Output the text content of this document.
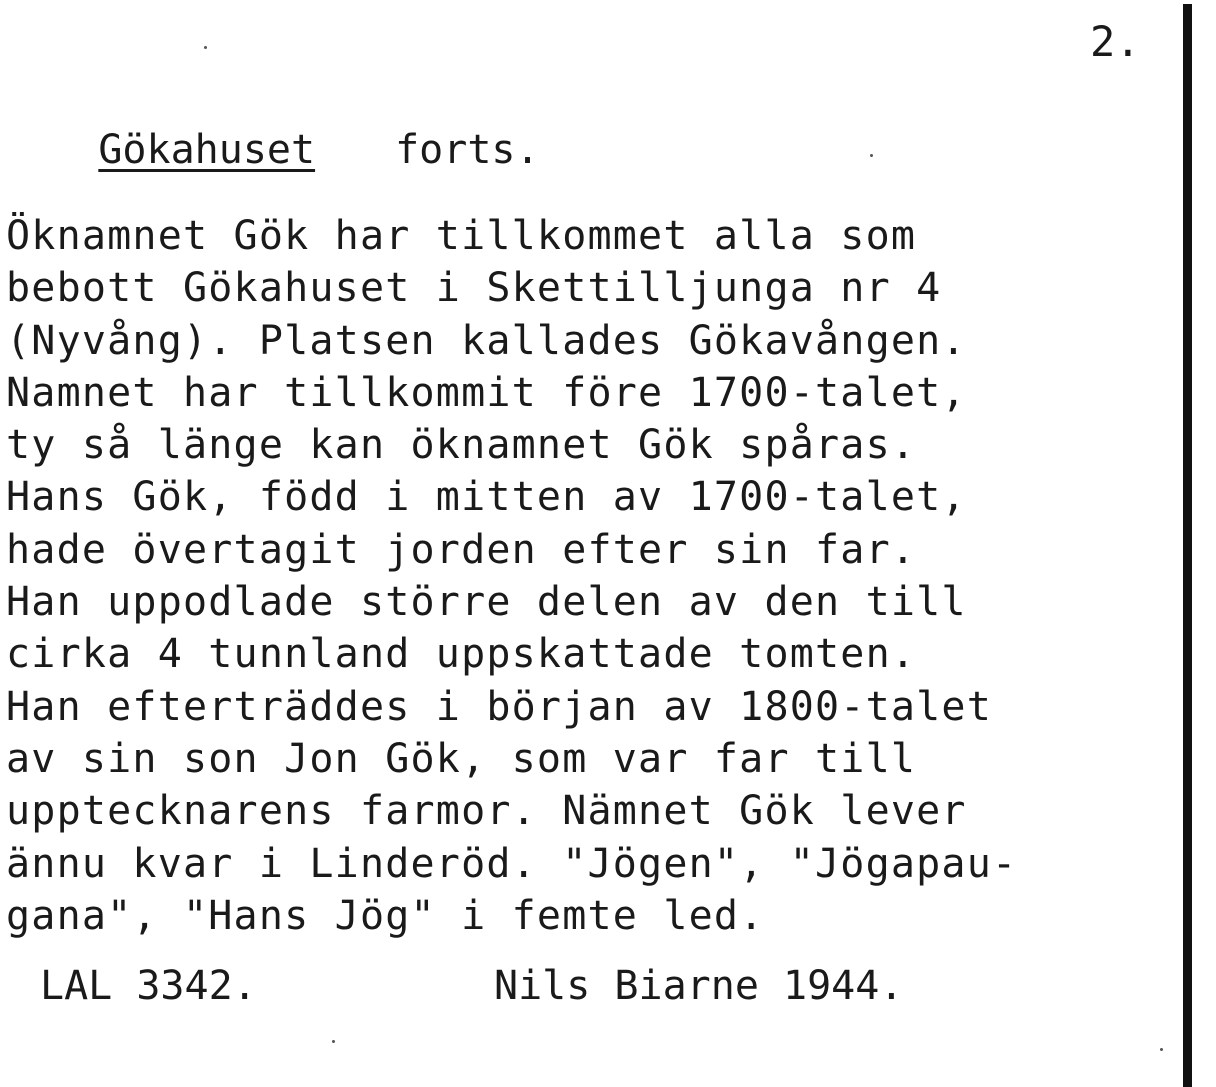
2.

Gökahuset forts.

Öknamnet Gök har tillkommet alla som
bebott Gökahuset i Skettilljunga nr 4
(Nyvång). Platsen kallades Gökavången.
Namnet har tillkommit före 1700-talet,
ty så länge kan öknamnet Gök spåras.
Hans Gök, född i mitten av 1700-talet,
hade övertagit jorden efter sin far.
Han uppodlade större delen av den till
cirka 4 tunnland uppskattade tomten.
Han efterträddes i början av 1800-talet
av sin son Jon Gök, som var far till
upptecknarens farmor. Nämnet Gök lever
ännu kvar i Linderöd. "Jögen", "Jögapau-
gana", "Hans Jög" i femte led.
LAL 3342.	Nils Biarne 1944.
